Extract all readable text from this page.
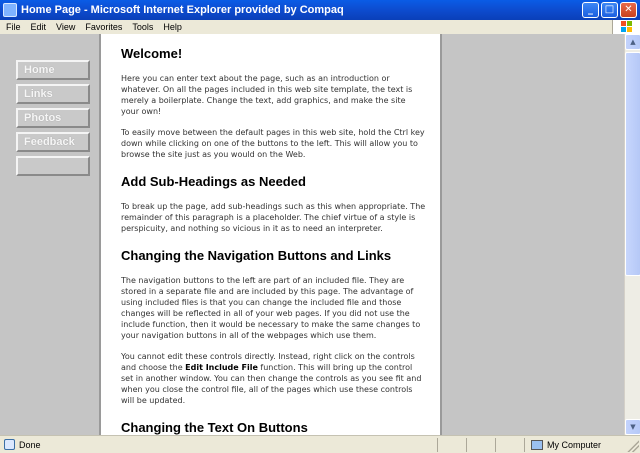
Home Page - Microsoft Internet Explorer provided by Compaq	_	□	✕
File	Edit	View	Favorites	Tools	Help
Home
Links
Photos
Feedback
Welcome!

Here you can enter text about the page, such as an introduction or whatever. On all the pages included in this web site template, the text is merely a boilerplate. Change the text, add graphics, and make the site your own!

To easily move between the default pages in this web site, hold the Ctrl key down while clicking on one of the buttons to the left. This will allow you to browse the site just as you would on the Web.

Add Sub-Headings as Needed

To break up the page, add sub-headings such as this when appropriate. The remainder of this paragraph is a placeholder. The chief virtue of a style is perspicuity, and nothing so vicious in it as to need an interpreter.

Changing the Navigation Buttons and Links

The navigation buttons to the left are part of an included file. They are stored in a separate file and are included by this page. The advantage of using included files is that you can change the included file and those changes will be reflected in all of your web pages. If you did not use the include function, then it would be necessary to make the same changes to your navigation buttons in all of the webpages which use them.

You cannot edit these controls directly. Instead, right click on the controls and choose the Edit Include File function. This will bring up the control set in another window. You can then change the controls as you see fit and when you close the control file, all of the pages which use these controls will be updated.

Changing the Text On Buttons
▲
▼
Done	My Computer
